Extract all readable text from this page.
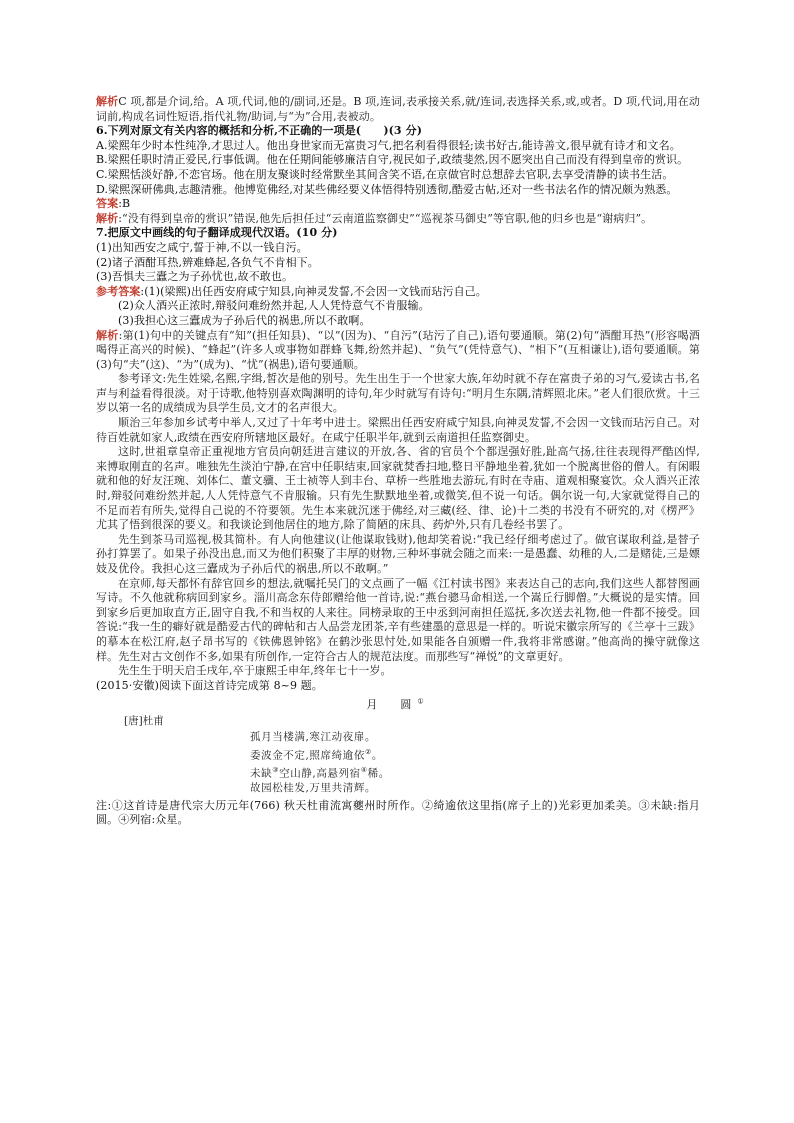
解析C 项,都是介词,给。A 项,代词,他的/副词,还是。B 项,连词,表承接关系,就/连词,表选择关系,或,或者。D 项,代词,用在动词前,构成名词性短语,指代礼物/助词,与“为”合用,表被动。

6.下列对原文有关内容的概括和分析,不正确的一项是(　　)(3 分)

A.梁熙年少时本性纯净,才思过人。他出身世家而无富贵习气,把名利看得很轻;读书好古,能诗善文,很早就有诗才和文名。

B.梁熙任职时清正爱民,行事低调。他在任期间能够廉洁自守,视民如子,政绩斐然,因不愿突出自己而没有得到皇帝的赏识。

C.梁熙恬淡好静,不恋官场。他在朋友聚谈时经常默坐其间含笑不语,在京做官时总想辞去官职,去享受清静的读书生活。

D.梁熙深研佛典,志趣清雅。他博览佛经,对某些佛经要义体悟得特别透彻,酷爱古帖,还对一些书法名作的情况颇为熟悉。

答案:B

解析:“没有得到皇帝的赏识”错误,他先后担任过“云南道监察御史”“巡视茶马御史”等官职,他的归乡也是“谢病归”。

7.把原文中画线的句子翻译成现代汉语。(10 分)

(1)出知西安之咸宁,誓于神,不以一钱自污。

(2)诸子酒酣耳热,辨难蜂起,各负气不肯相下。

(3)吾惧夫三蠹之为子孙忧也,故不敢也。

参考答案:(1)(梁熙)出任西安府咸宁知县,向神灵发誓,不会因一文钱而玷污自己。

(2)众人酒兴正浓时,辩驳问难纷然并起,人人凭恃意气不肯服输。

(3)我担心这三蠹成为子孙后代的祸患,所以不敢啊。

解析:第(1)句中的关键点有“知”(担任知县)、“以”(因为)、“自污”(玷污了自己),语句要通顺。第(2)句“酒酣耳热”(形容喝酒喝得正高兴的时候)、“蜂起”(许多人或事物如群蜂飞舞,纷然并起)、“负气”(凭恃意气)、“相下”(互相谦让),语句要通顺。第(3)句“夫”(这)、“为”(成为)、“忧”(祸患),语句要通顺。

参考译文:先生姓梁,名熙,字缉,皙次是他的别号。先生出生于一个世家大族,年幼时就不存在富贵子弟的习气,爱读古书,名声与利益看得很淡。对于诗歌,他特别喜欢陶渊明的诗句,年少时就写有诗句:“明月生东隅,清辉照北床。”老人们很欣赏。十三岁以第一名的成绩成为县学生员,文才的名声很大。

顺治三年参加乡试考中举人,又过了十年考中进士。梁熙出任西安府咸宁知县,向神灵发誓,不会因一文钱而玷污自己。对待百姓就如家人,政绩在西安府所辖地区最好。在咸宁任职半年,就到云南道担任监察御史。

这时,世祖章皇帝正重视地方官员向朝廷进言建议的开放,各、省的官员个个都逞强好胜,趾高气扬,往往表现得严酷凶悍,来博取刚直的名声。唯独先生淡泊宁静,在宫中任职结束,回家就焚香扫地,整日平静地坐着,犹如一个脱离世俗的僧人。有闲暇就和他的好友汪琬、刘体仁、董文骥、王士祯等人到丰台、草桥一些胜地去游玩,有时在寺庙、道观相聚宴饮。众人酒兴正浓时,辩驳问难纷然并起,人人凭恃意气不肯服输。只有先生默默地坐着,或微笑,但不说一句话。偶尔说一句,大家就觉得自己的不足而若有所失,觉得自己说的不符要领。先生本来就沉迷于佛经,对三藏(经、律、论)十二类的书没有不研究的,对《楞严》尤其了悟到很深的要义。和我谈论到他居住的地方,除了简陋的床具、药炉外,只有几卷经书罢了。

先生到茶马司巡视,极其简朴。有人向他建议(让他谋取钱财),他却笑着说:“我已经仔细考虑过了。做官谋取利益,是替子孙打算罢了。如果子孙没出息,而又为他们积聚了丰厚的财物,三种坏事就会随之而来:一是愚蠢、幼稚的人,二是赌徒,三是嫖妓及优伶。我担心这三蠹成为子孙后代的祸患,所以不敢啊。”

在京师,每天都怀有辞官回乡的想法,就嘱托吴门的文点画了一幅《江村读书图》来表达自己的志向,我们这些人都替图画写诗。不久他就称病回到家乡。淄川高念东侍郎赠给他一首诗,说:“燕台骢马命相送,一个嵩丘行脚僧。”大概说的是实情。回到家乡后更加取直方正,固守自我,不和当权的人来往。同榜录取的王中丞到河南担任巡抚,多次送去礼物,他一件都不接受。回答说:“我一生的癖好就是酷爱古代的碑帖和古人品尝龙团茶,辛有些建墨的意思是一样的。听说宋徽宗所写的《兰亭十三跋》的摹本在松江府,赵子昂书写的《铁佛恩钟铭》在鹤沙张思忖处,如果能各自颁赠一件,我将非常感谢。”他高尚的操守就像这样。先生对古文创作不多,如果有所创作,一定符合古人的规范法度。而那些写“禅悦”的文章更好。

先生生于明天启壬戌年,卒于康熙壬申年,终年七十一岁。

(2015·安徽)阅读下面这首诗完成第 8~9 题。

月　圆①

[唐]杜甫

孤月当楼满,寒江动夜扉。

委波金不定,照席绮逾依②。

未缺③空山静,高悬列宿④稀。

故园松桂发,万里共清辉。

注:①这首诗是唐代宗大历元年(766) 秋天杜甫流寓夔州时所作。②绮逾依这里指(席子上的)光彩更加柔美。③未缺:指月圆。④列宿:众星。
